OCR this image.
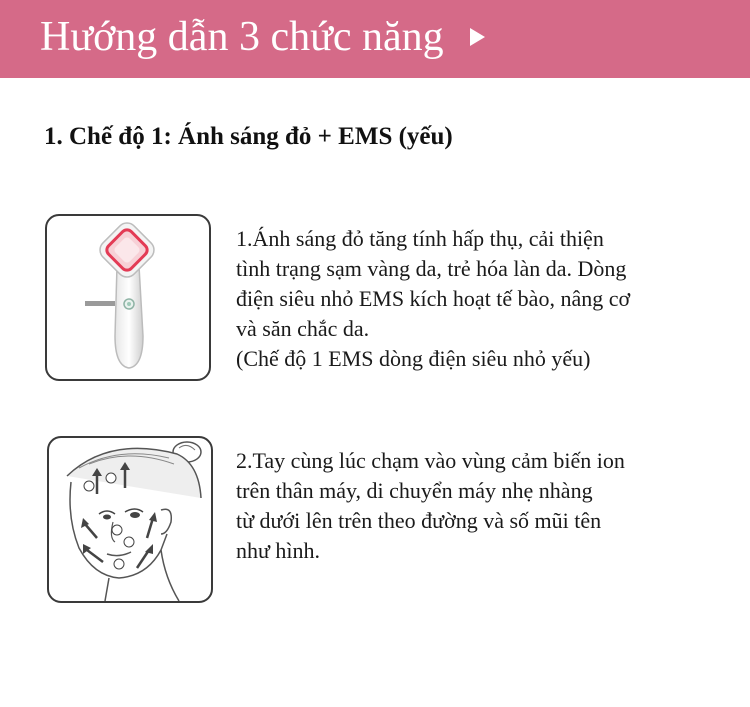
Hướng dẫn 3 chức năng
1. Chế độ 1: Ánh sáng đỏ + EMS (yếu)
1.Ánh sáng đỏ tăng tính hấp thụ, cải thiện
tình trạng sạm vàng da, trẻ hóa làn da. Dòng
điện siêu nhỏ EMS kích hoạt tế bào, nâng cơ
và săn chắc da.
(Chế độ 1 EMS dòng điện siêu nhỏ yếu)
2.Tay cùng lúc chạm vào vùng cảm biến ion
trên thân máy, di chuyển máy nhẹ nhàng
từ dưới lên trên theo đường và số mũi tên
như hình.
